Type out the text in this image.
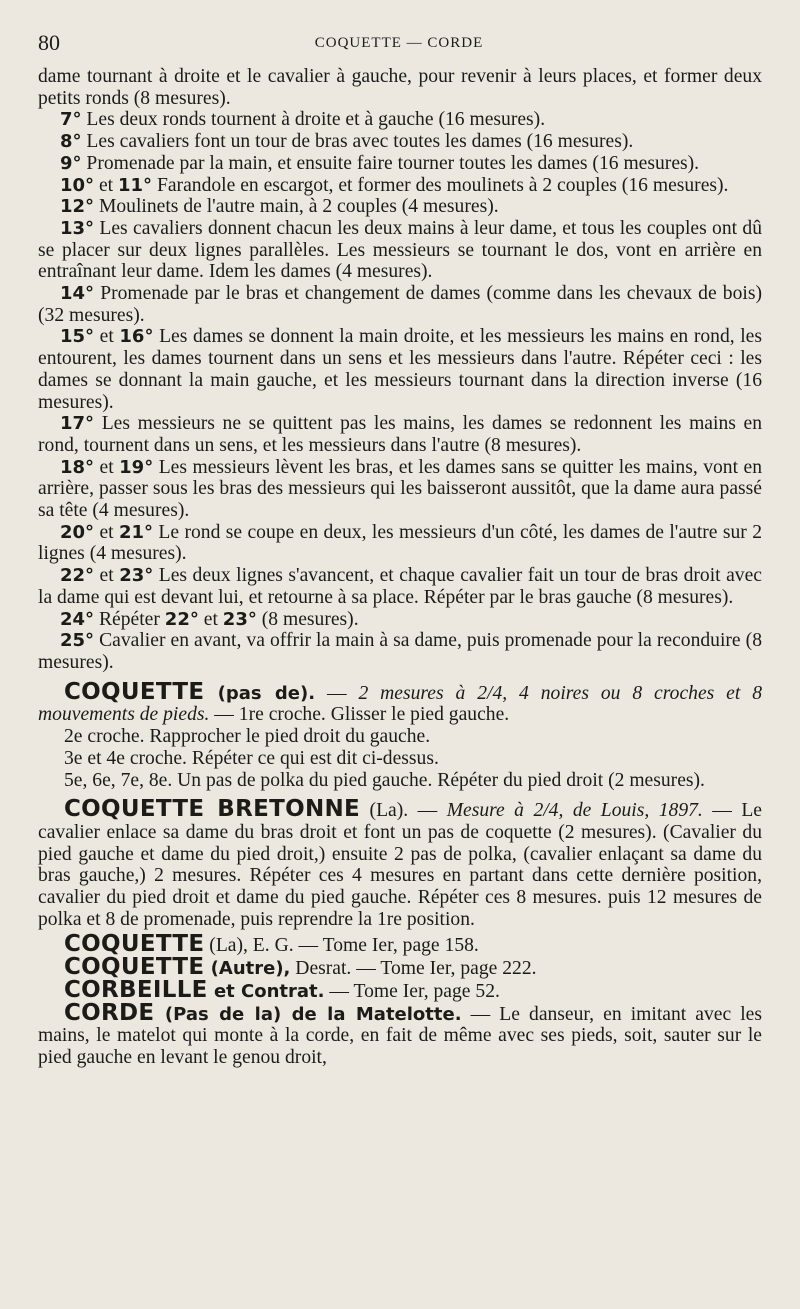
80	COQUETTE — CORDE

dame tournant à droite et le cavalier à gauche, pour revenir à leurs places, et former deux petits ronds (8 mesures).

7° Les deux ronds tournent à droite et à gauche (16 mesures).

8° Les cavaliers font un tour de bras avec toutes les dames (16 mesures).

9° Promenade par la main, et ensuite faire tourner toutes les dames (16 mesures).

10° et 11° Farandole en escargot, et former des moulinets à 2 couples (16 mesures).

12° Moulinets de l'autre main, à 2 couples (4 mesures).

13° Les cavaliers donnent chacun les deux mains à leur dame, et tous les couples ont dû se placer sur deux lignes parallèles. Les messieurs se tournant le dos, vont en arrière en entraînant leur dame. Idem les dames (4 mesures).

14° Promenade par le bras et changement de dames (comme dans les chevaux de bois) (32 mesures).

15° et 16° Les dames se donnent la main droite, et les messieurs les mains en rond, les entourent, les dames tournent dans un sens et les messieurs dans l'autre. Répéter ceci : les dames se donnant la main gauche, et les messieurs tournant dans la direction inverse (16 mesures).

17° Les messieurs ne se quittent pas les mains, les dames se redonnent les mains en rond, tournent dans un sens, et les messieurs dans l'autre (8 mesures).

18° et 19° Les messieurs lèvent les bras, et les dames sans se quitter les mains, vont en arrière, passer sous les bras des messieurs qui les baisseront aussitôt, que la dame aura passé sa tête (4 mesures).

20° et 21° Le rond se coupe en deux, les messieurs d'un côté, les dames de l'autre sur 2 lignes (4 mesures).

22° et 23° Les deux lignes s'avancent, et chaque cavalier fait un tour de bras droit avec la dame qui est devant lui, et retourne à sa place. Répéter par le bras gauche (8 mesures).

24° Répéter 22° et 23° (8 mesures).

25° Cavalier en avant, va offrir la main à sa dame, puis promenade pour la reconduire (8 mesures).

COQUETTE (pas de). — 2 mesures à 2/4, 4 noires ou 8 croches et 8 mouvements de pieds. — 1re croche. Glisser le pied gauche.

2e croche. Rapprocher le pied droit du gauche.

3e et 4e croche. Répéter ce qui est dit ci-dessus.

5e, 6e, 7e, 8e. Un pas de polka du pied gauche. Répéter du pied droit (2 mesures).

COQUETTE BRETONNE (La). — Mesure à 2/4, de Louis, 1897. — Le cavalier enlace sa dame du bras droit et font un pas de coquette (2 mesures). (Cavalier du pied gauche et dame du pied droit,) ensuite 2 pas de polka, (cavalier enlaçant sa dame du bras gauche,) 2 mesures. Répéter ces 4 mesures en partant dans cette dernière position, cavalier du pied droit et dame du pied gauche. Répéter ces 8 mesures. puis 12 mesures de polka et 8 de promenade, puis reprendre la 1re position.

COQUETTE (La), E. G. — Tome Ier, page 158.

COQUETTE (Autre), Desrat. — Tome Ier, page 222.

CORBEILLE et Contrat. — Tome Ier, page 52.

CORDE (Pas de la) de la Matelotte. — Le danseur, en imitant avec les mains, le matelot qui monte à la corde, en fait de même avec ses pieds, soit, sauter sur le pied gauche en levant le genou droit,
